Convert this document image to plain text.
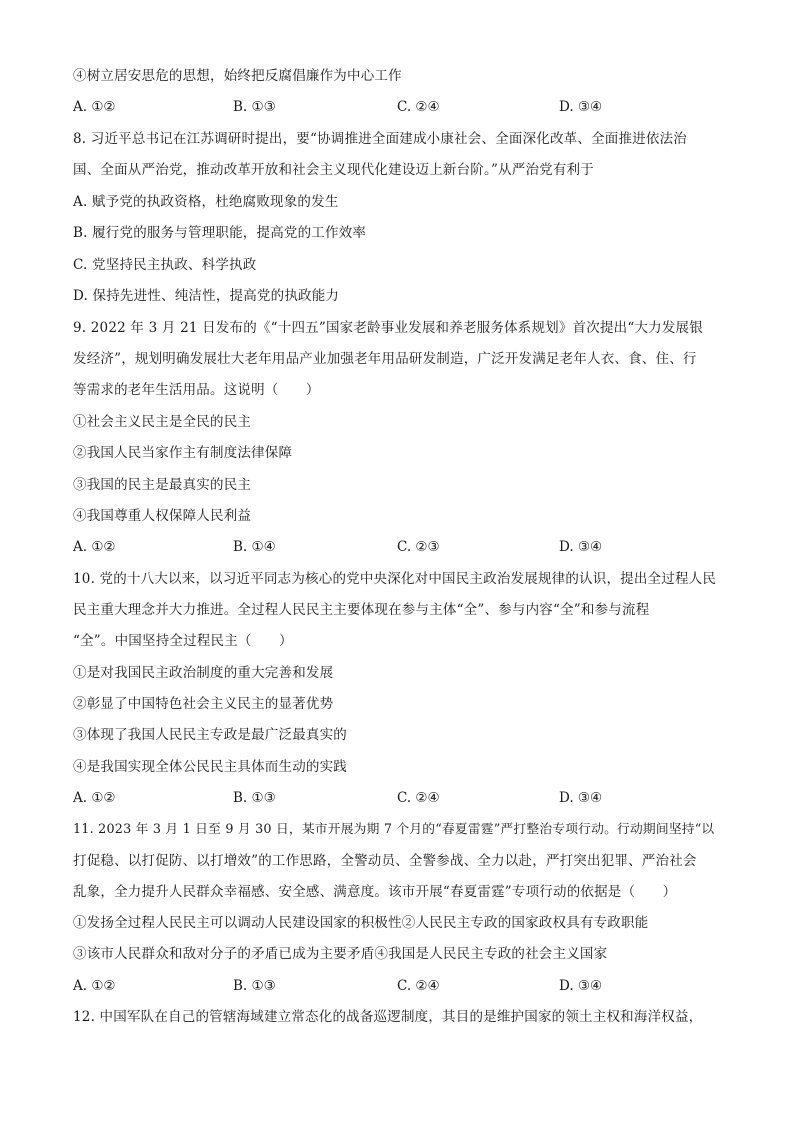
④树立居安思危的思想，始终把反腐倡廉作为中心工作
A. ①②	B. ①③	C. ②④	D. ③④
8. 习近平总书记在江苏调研时提出，要“协调推进全面建成小康社会、全面深化改革、全面推进依法治
国、全面从严治党，推动改革开放和社会主义现代化建设迈上新台阶。”从严治党有利于
A. 赋予党的执政资格，杜绝腐败现象的发生
B. 履行党的服务与管理职能，提高党的工作效率
C. 党坚持民主执政、科学执政
D. 保持先进性、纯洁性，提高党的执政能力
9. 2022 年 3 月 21 日发布的《“十四五”国家老龄事业发展和养老服务体系规划》首次提出“大力发展银
发经济”，规划明确发展壮大老年用品产业加强老年用品研发制造，广泛开发满足老年人衣、食、住、行
等需求的老年生活用品。这说明（　　）
①社会主义民主是全民的民主
②我国人民当家作主有制度法律保障
③我国的民主是最真实的民主
④我国尊重人权保障人民利益
A. ①②	B. ①④	C. ②③	D. ③④
10. 党的十八大以来，以习近平同志为核心的党中央深化对中国民主政治发展规律的认识，提出全过程人民
民主重大理念并大力推进。全过程人民民主主要体现在参与主体“全”、参与内容“全”和参与流程
“全”。中国坚持全过程民主（　　）
①是对我国民主政治制度的重大完善和发展
②彰显了中国特色社会主义民主的显著优势
③体现了我国人民民主专政是最广泛最真实的
④是我国实现全体公民民主具体而生动的实践
A. ①②	B. ①③	C. ②④	D. ③④
11. 2023 年 3 月 1 日至 9 月 30 日，某市开展为期 7 个月的“春夏雷霆”严打整治专项行动。行动期间坚持“以
打促稳、以打促防、以打增效”的工作思路，全警动员、全警参战、全力以赴，严打突出犯罪、严治社会
乱象，全力提升人民群众幸福感、安全感、满意度。该市开展“春夏雷霆”专项行动的依据是（　　）
①发扬全过程人民民主可以调动人民建设国家的积极性②人民民主专政的国家政权具有专政职能
③该市人民群众和敌对分子的矛盾已成为主要矛盾④我国是人民民主专政的社会主义国家
A. ①②	B. ①③	C. ②④	D. ③④
12. 中国军队在自己的管辖海域建立常态化的战备巡逻制度，其目的是维护国家的领土主权和海洋权益，
